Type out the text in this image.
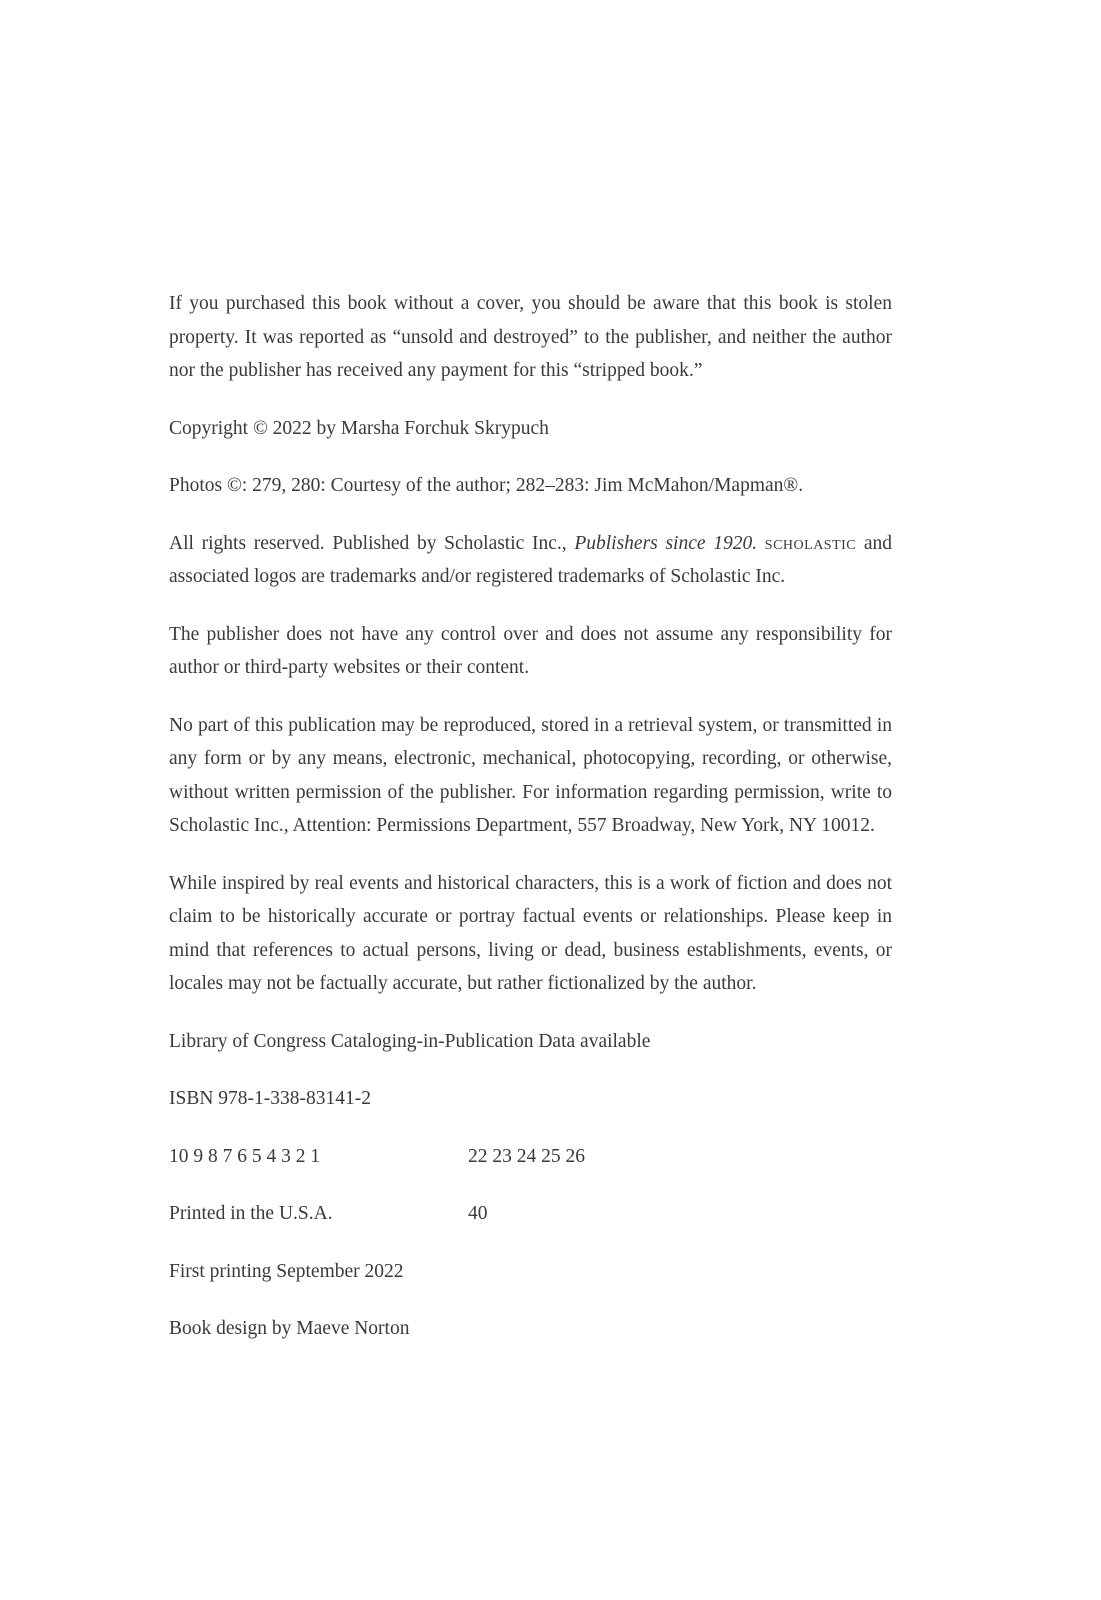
If you purchased this book without a cover, you should be aware that this book is stolen property. It was reported as “unsold and destroyed” to the publisher, and neither the author nor the publisher has received any payment for this “stripped book.”

Copyright © 2022 by Marsha Forchuk Skrypuch

Photos ©: 279, 280: Courtesy of the author; 282–283: Jim McMahon/Mapman®.

All rights reserved. Published by Scholastic Inc., Publishers since 1920. scholastic and associated logos are trademarks and/or registered trademarks of Scholastic Inc.

The publisher does not have any control over and does not assume any responsibility for author or third-party websites or their content.

No part of this publication may be reproduced, stored in a retrieval system, or transmitted in any form or by any means, electronic, mechanical, photocopying, recording, or otherwise, without written permission of the publisher. For information regarding permission, write to Scholastic Inc., Attention: Permissions Department, 557 Broadway, New York, NY 10012.

While inspired by real events and historical characters, this is a work of fiction and does not claim to be historically accurate or portray factual events or relationships. Please keep in mind that references to actual persons, living or dead, business establishments, events, or locales may not be factually accurate, but rather fictionalized by the author.

Library of Congress Cataloging-in-Publication Data available

ISBN 978-1-338-83141-2

10 9 8 7 6 5 4 3 2 1	22 23 24 25 26
Printed in the U.S.A.	40

First printing September 2022

Book design by Maeve Norton
